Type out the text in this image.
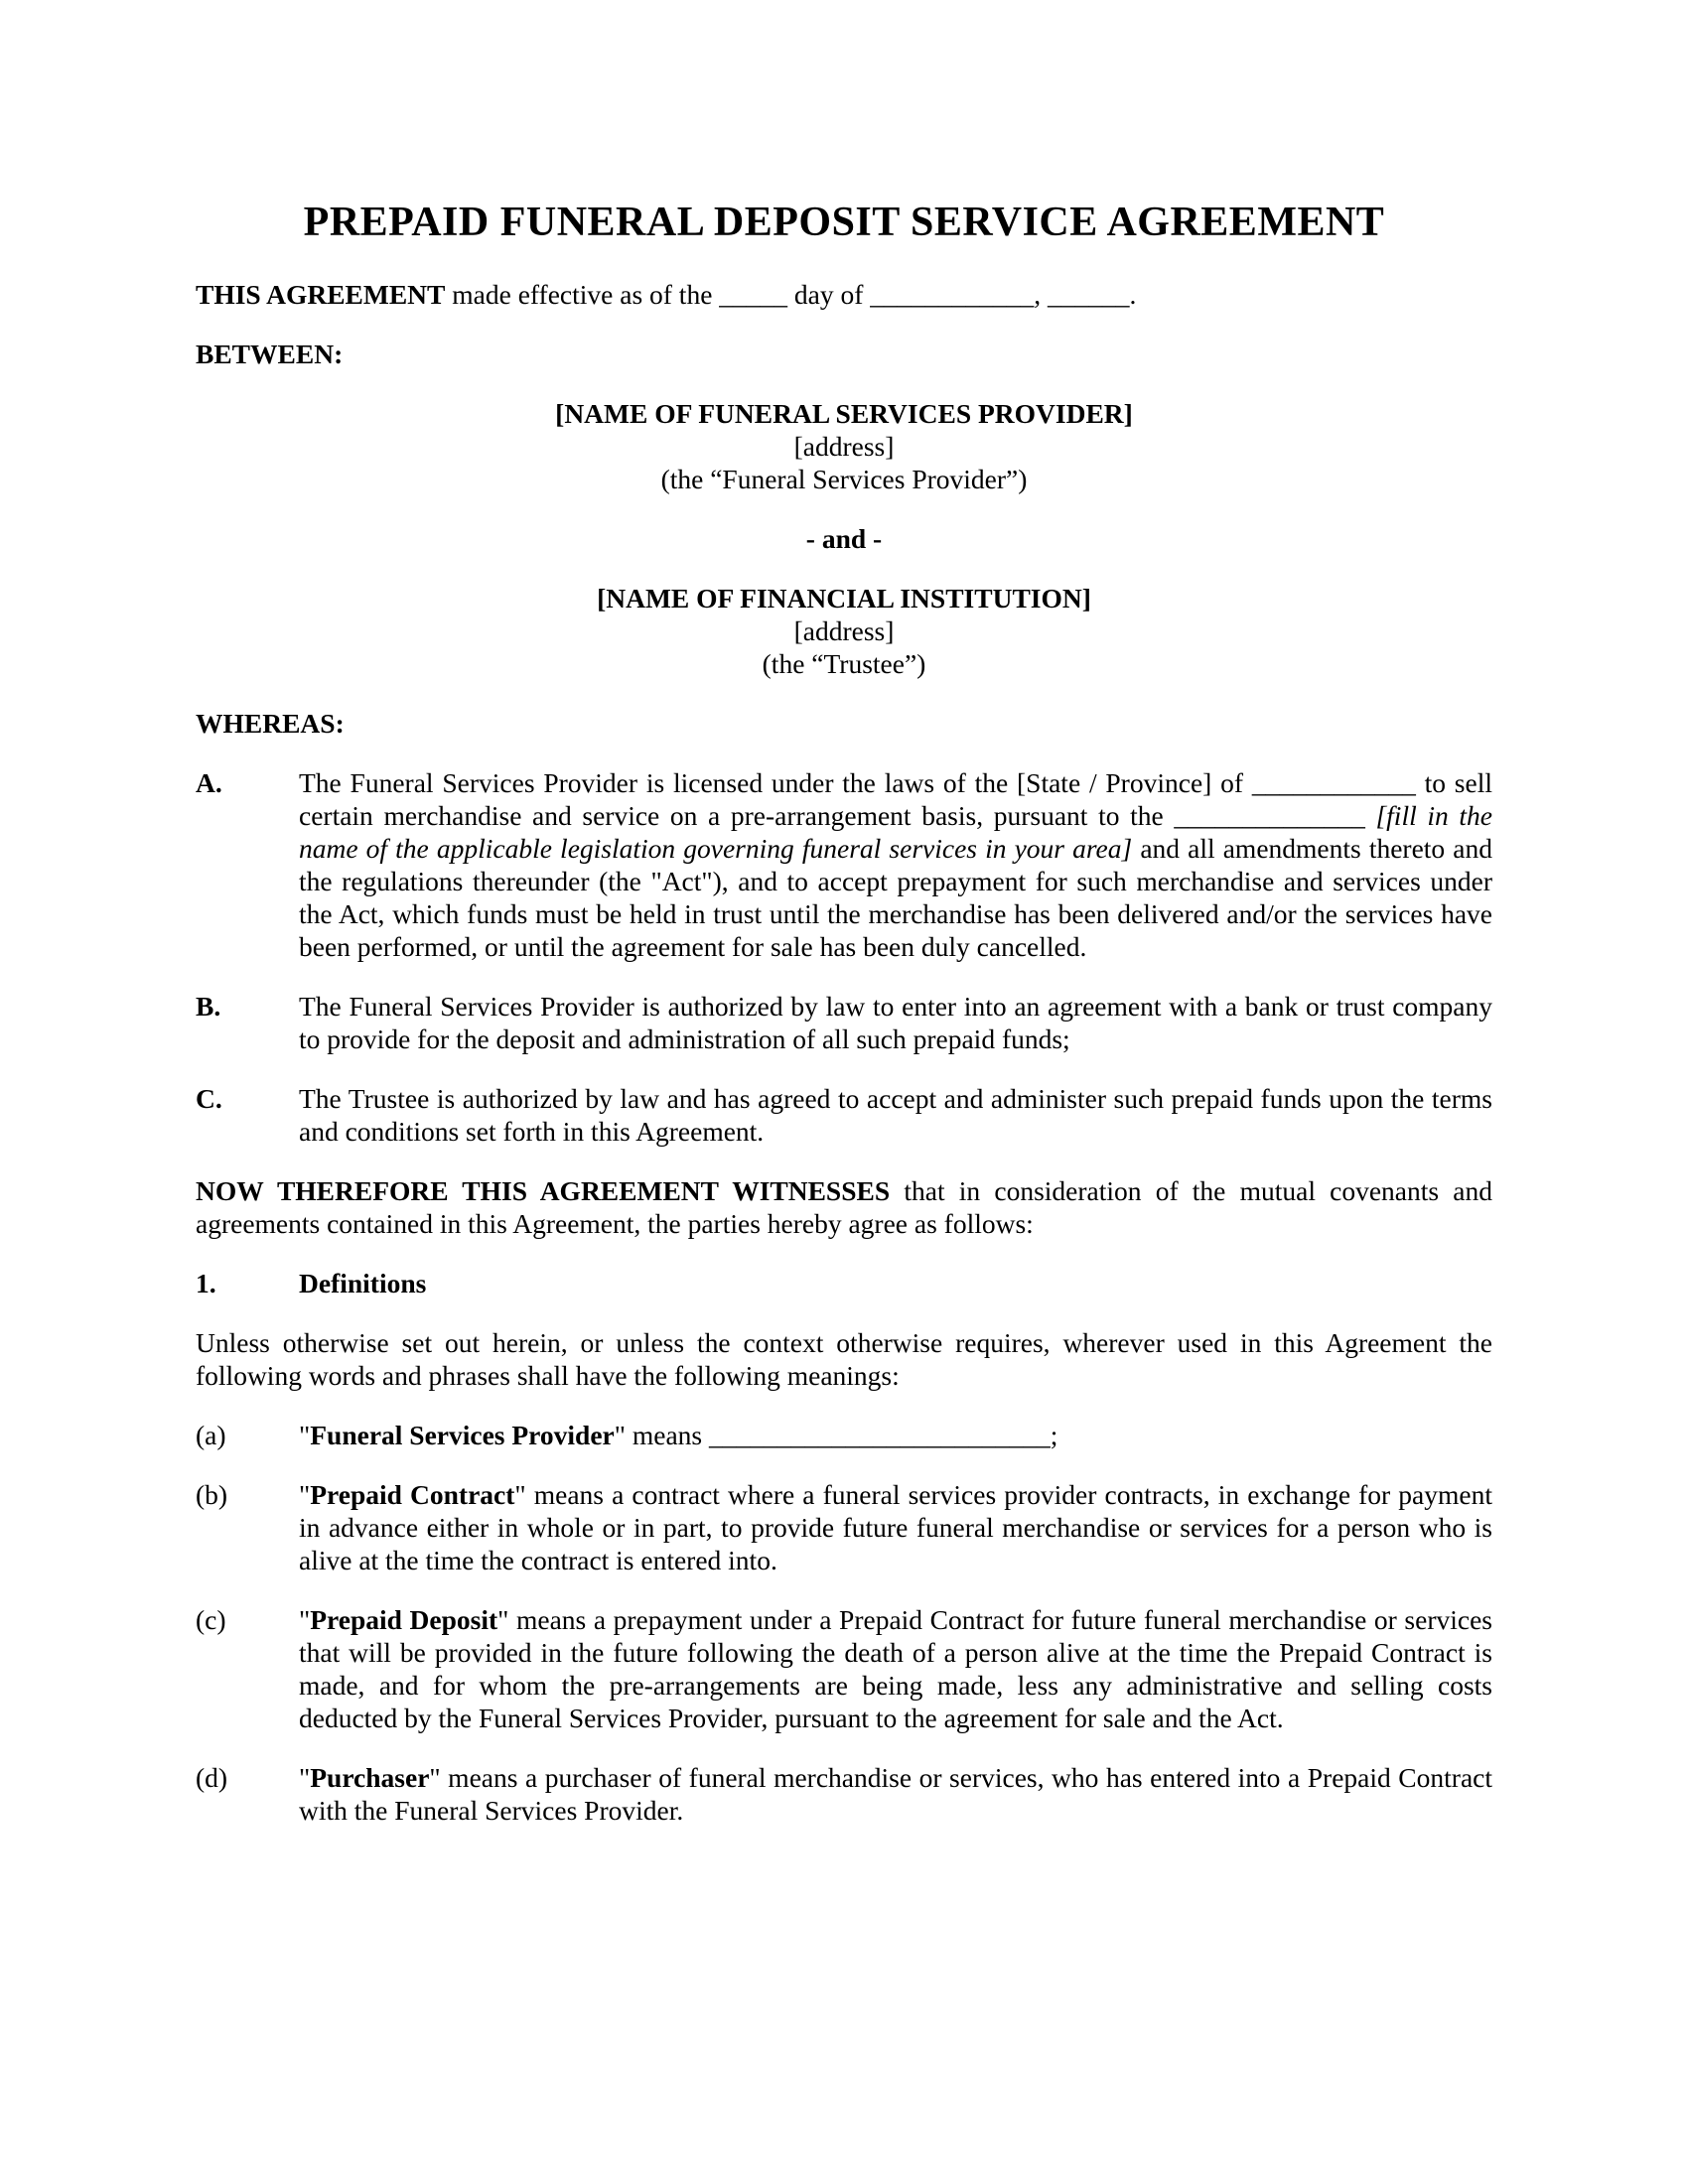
PREPAID FUNERAL DEPOSIT SERVICE AGREEMENT

THIS AGREEMENT made effective as of the _____ day of ____________, ______.

BETWEEN:

[NAME OF FUNERAL SERVICES PROVIDER]
[address]
(the “Funeral Services Provider”)
- and -
[NAME OF FINANCIAL INSTITUTION]
[address]
(the “Trustee”)

WHEREAS:

A.	The Funeral Services Provider is licensed under the laws of the [State / Province] of ____________ to sell certain merchandise and service on a pre-arrangement basis, pursuant to the ______________ [fill in the name of the applicable legislation governing funeral services in your area] and all amendments thereto and the regulations thereunder (the "Act"), and to accept prepayment for such merchandise and services under the Act, which funds must be held in trust until the merchandise has been delivered and/or the services have been performed, or until the agreement for sale has been duly cancelled.
B.	The Funeral Services Provider is authorized by law to enter into an agreement with a bank or trust company to provide for the deposit and administration of all such prepaid funds;
C.	The Trustee is authorized by law and has agreed to accept and administer such prepaid funds upon the terms and conditions set forth in this Agreement.

NOW THEREFORE THIS AGREEMENT WITNESSES that in consideration of the mutual covenants and agreements contained in this Agreement, the parties hereby agree as follows:

1.	Definitions

Unless otherwise set out herein, or unless the context otherwise requires, wherever used in this Agreement the following words and phrases shall have the following meanings:

(a)	"Funeral Services Provider" means _________________________;
(b)	"Prepaid Contract" means a contract where a funeral services provider contracts, in exchange for payment in advance either in whole or in part, to provide future funeral merchandise or services for a person who is alive at the time the contract is entered into.
(c)	"Prepaid Deposit" means a prepayment under a Prepaid Contract for future funeral merchandise or services that will be provided in the future following the death of a person alive at the time the Prepaid Contract is made, and for whom the pre-arrangements are being made, less any administrative and selling costs deducted by the Funeral Services Provider, pursuant to the agreement for sale and the Act.
(d)	"Purchaser" means a purchaser of funeral merchandise or services, who has entered into a Prepaid Contract with the Funeral Services Provider.
